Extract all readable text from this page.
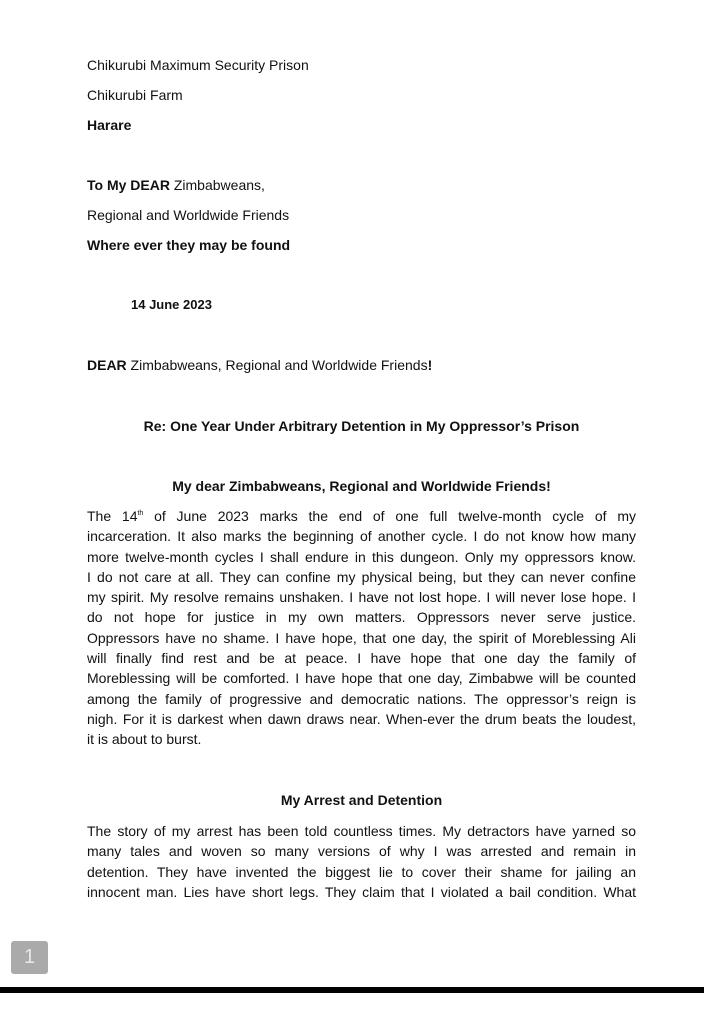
Chikurubi Maximum Security Prison
Chikurubi Farm
Harare
To My DEAR Zimbabweans,
Regional and Worldwide Friends
Where ever they may be found
14 June 2023
DEAR Zimbabweans, Regional and Worldwide Friends!
Re: One Year Under Arbitrary Detention in My Oppressor’s Prison
My dear Zimbabweans, Regional and Worldwide Friends!
The 14th of June 2023 marks the end of one full twelve-month cycle of my
incarceration. It also marks the beginning of another cycle. I do not know how many
more twelve-month cycles I shall endure in this dungeon. Only my oppressors know.
I do not care at all. They can confine my physical being, but they can never confine
my spirit. My resolve remains unshaken. I have not lost hope. I will never lose hope. I
do not hope for justice in my own matters. Oppressors never serve justice.
Oppressors have no shame. I have hope, that one day, the spirit of Moreblessing Ali
will finally find rest and be at peace. I have hope that one day the family of
Moreblessing will be comforted. I have hope that one day, Zimbabwe will be counted
among the family of progressive and democratic nations. The oppressor’s reign is
nigh. For it is darkest when dawn draws near. When-ever the drum beats the loudest,
it is about to burst.
My Arrest and Detention
The story of my arrest has been told countless times. My detractors have yarned so
many tales and woven so many versions of why I was arrested and remain in
detention. They have invented the biggest lie to cover their shame for jailing an
innocent man. Lies have short legs. They claim that I violated a bail condition. What
1
